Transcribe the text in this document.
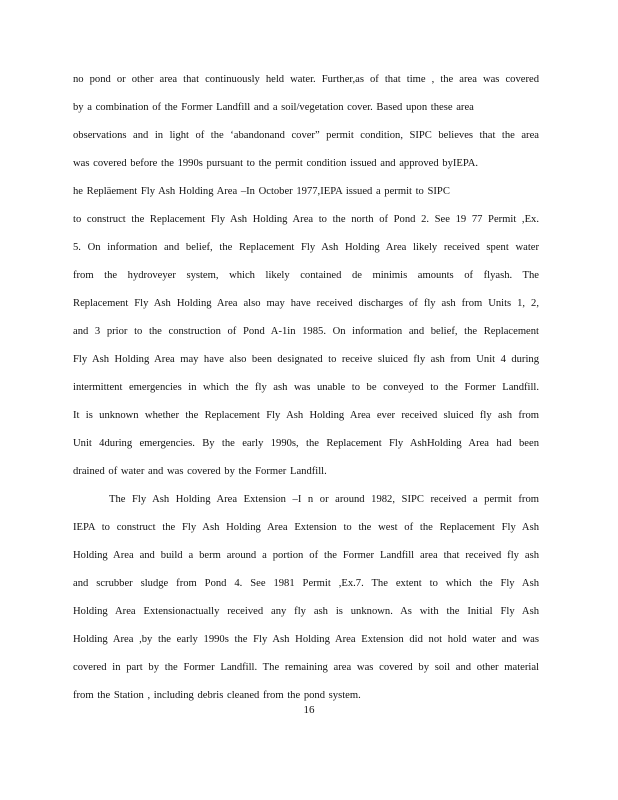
no pond or other area that continuously held water. Further,as of that time , the area was covered
by a combination of the Former Landfill and a soil/vegetation cover. Based upon these area
observations and in light of the ‘abandonand cover” permit condition, SIPC believes that the area
was covered before the 1990s pursuant to the permit condition issued and approved byIEPA.
he Repläement Fly Ash Holding Area –In October 1977,IEPA issued a permit to SIPC
to construct the Replacement Fly Ash Holding Area to the north of Pond 2. See 19 77 Permit ,Ex.
5. On information and belief, the Replacement Fly Ash Holding Area likely received spent water
from the hydroveyer system, which likely contained de minimis amounts of flyash. The
Replacement Fly Ash Holding Area also may have received discharges of fly ash from Units 1, 2,
and 3 prior to the construction of Pond A-1in 1985. On information and belief, the Replacement
Fly Ash Holding Area may have also been designated to receive sluiced fly ash from Unit 4 during
intermittent emergencies in which the fly ash was unable to be conveyed to the Former Landfill.
It is unknown whether the Replacement Fly Ash Holding Area ever received sluiced fly ash from
Unit 4during emergencies. By the early 1990s, the Replacement Fly AshHolding Area had been
drained of water and was covered by the Former Landfill.
The Fly Ash Holding Area Extension –I n or around 1982, SIPC received a permit from
IEPA to construct the Fly Ash Holding Area Extension to the west of the Replacement Fly Ash
Holding Area and build a berm around a portion of the Former Landfill area that received fly ash
and scrubber sludge from Pond 4. See 1981 Permit ,Ex.7. The extent to which the Fly Ash
Holding Area Extensionactually received any fly ash is unknown. As with the Initial Fly Ash
Holding Area ,by the early 1990s the Fly Ash Holding Area Extension did not hold water and was
covered in part by the Former Landfill. The remaining area was covered by soil and other material
from the Station , including debris cleaned from the pond system.
16
